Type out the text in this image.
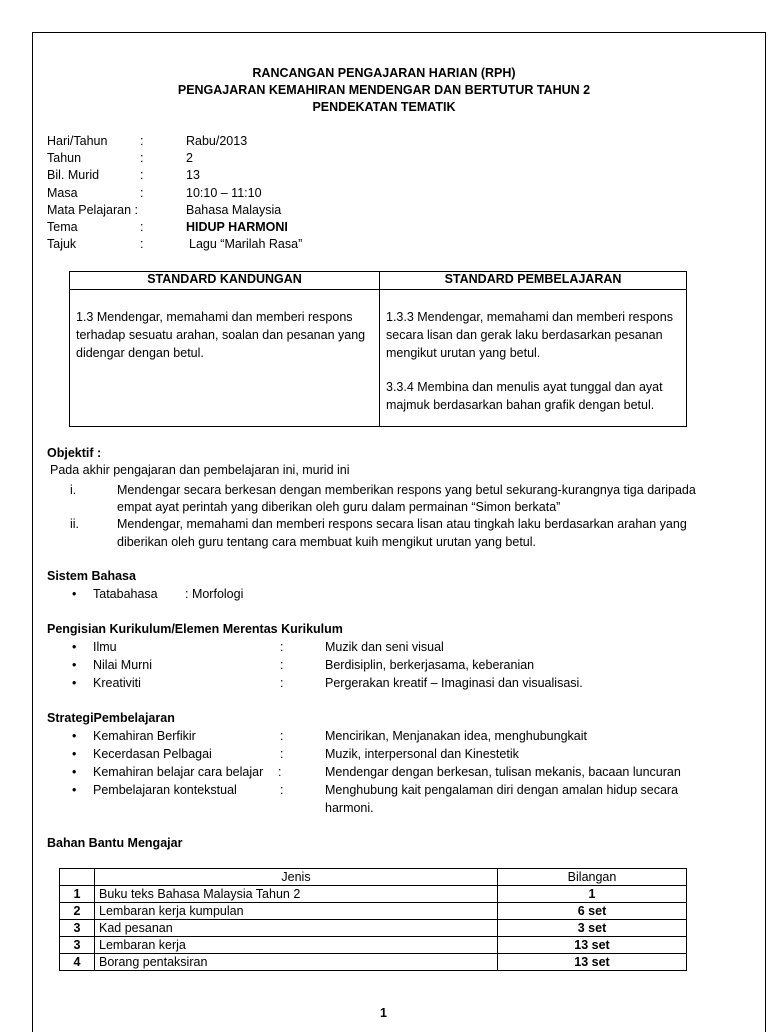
RANCANGAN PENGAJARAN HARIAN (RPH)
PENGAJARAN KEMAHIRAN MENDENGAR DAN BERTUTUR TAHUN 2
PENDEKATAN TEMATIK
Hari/Tahun	:	Rabu/2013
Tahun	:	2
Bil. Murid	:	13
Masa	:	10:10 – 11:10
Mata Pelajaran :	Bahasa Malaysia
Tema	:	HIDUP HARMONI
Tajuk	:	Lagu “Marilah Rasa”
STANDARD KANDUNGAN	STANDARD PEMBELAJARAN

1.3 Mendengar, memahami dan memberi respons terhadap sesuatu arahan, soalan dan pesanan yang didengar dengan betul.	1.3.3 Mendengar, memahami dan memberi respons secara lisan dan gerak laku berdasarkan pesanan mengikut urutan yang betul.
3.3.4 Membina dan menulis ayat tunggal dan ayat majmuk berdasarkan bahan grafik dengan betul.
Objektif :
Pada akhir pengajaran dan pembelajaran ini, murid ini
i.	Mendengar secara berkesan dengan memberikan respons yang betul sekurang-kurangnya tiga daripada
empat ayat perintah yang diberikan oleh guru dalam permainan “Simon berkata”
ii.	Mendengar, memahami dan memberi respons secara lisan atau tingkah laku berdasarkan arahan yang
diberikan oleh guru tentang cara membuat kuih mengikut urutan yang betul.
Sistem Bahasa
• Tatabahasa : Morfologi
Pengisian Kurikulum/Elemen Merentas Kurikulum
• Ilmu	:	Muzik dan seni visual
• Nilai Murni	:	Berdisiplin, berkerjasama, keberanian
• Kreativiti	:	Pergerakan kreatif – Imaginasi dan visualisasi.
StrategiPembelajaran
• Kemahiran Berfikir	:	Mencirikan, Menjanakan idea, menghubungkait
• Kecerdasan Pelbagai	:	Muzik, interpersonal dan Kinestetik
• Kemahiran belajar cara belajar :	Mendengar dengan berkesan, tulisan mekanis, bacaan luncuran
• Pembelajaran kontekstual	:	Menghubung kait pengalaman diri dengan amalan hidup secara
harmoni.
Bahan Bantu Mengajar
	Jenis	Bilangan
1	Buku teks Bahasa Malaysia Tahun 2	1
2	Lembaran kerja kumpulan	6 set
3	Kad pesanan	3 set
3	Lembaran kerja	13 set
4	Borang pentaksiran	13 set
1
